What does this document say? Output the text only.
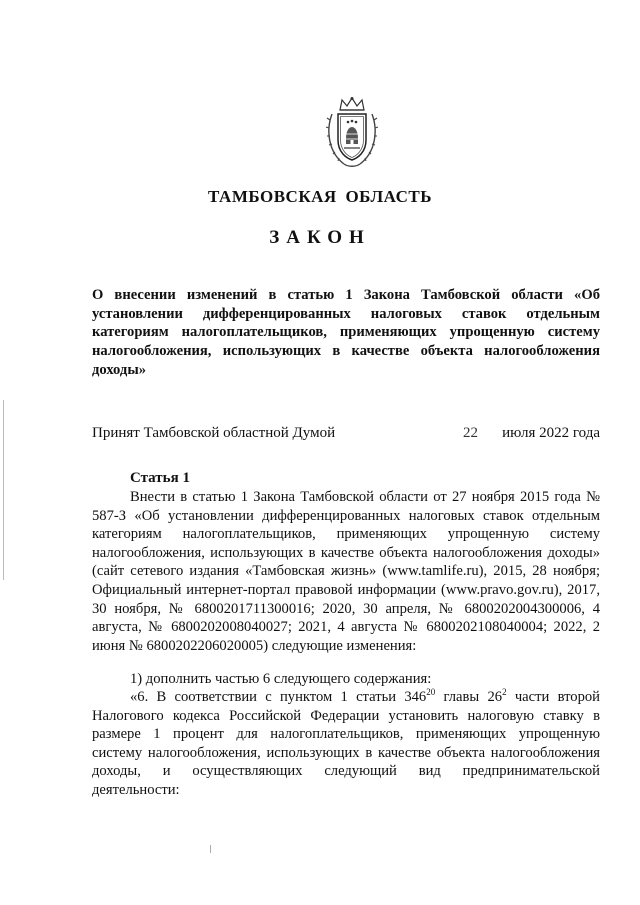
ТАМБОВСКАЯ ОБЛАСТЬ
ЗАКОН
О внесении изменений в статью 1 Закона Тамбовской области «Об установлении дифференцированных налоговых ставок отдельным категориям налогоплательщиков, применяющих упрощенную систему налогообложения, использующих в качестве объекта налогообложения доходы»
Принят Тамбовской областной Думой	22 июля 2022 года
Статья 1

Внести в статью 1 Закона Тамбовской области от 27 ноября 2015 года № 587-З «Об установлении дифференцированных налоговых ставок отдельным категориям налогоплательщиков, применяющих упрощенную систему налогообложения, использующих в качестве объекта налогообложения доходы» (сайт сетевого издания «Тамбовская жизнь» (www.tamlife.ru), 2015, 28 ноября; Официальный интернет-портал правовой информации (www.pravo.gov.ru), 2017, 30 ноября, № 6800201711300016; 2020, 30 апреля, № 6800202004300006, 4 августа, № 6800202008040027; 2021, 4 августа № 6800202108040004; 2022, 2 июня № 6800202206020005) следующие изменения:

1) дополнить частью 6 следующего содержания:

«6. В соответствии с пунктом 1 статьи $346^{20}$ главы $26^2$ части второй Налогового кодекса Российской Федерации установить налоговую ставку в размере 1 процент для налогоплательщиков, применяющих упрощенную систему налогообложения, использующих в качестве объекта налогообложения доходы, и осуществляющих следующий вид предпринимательской деятельности:
